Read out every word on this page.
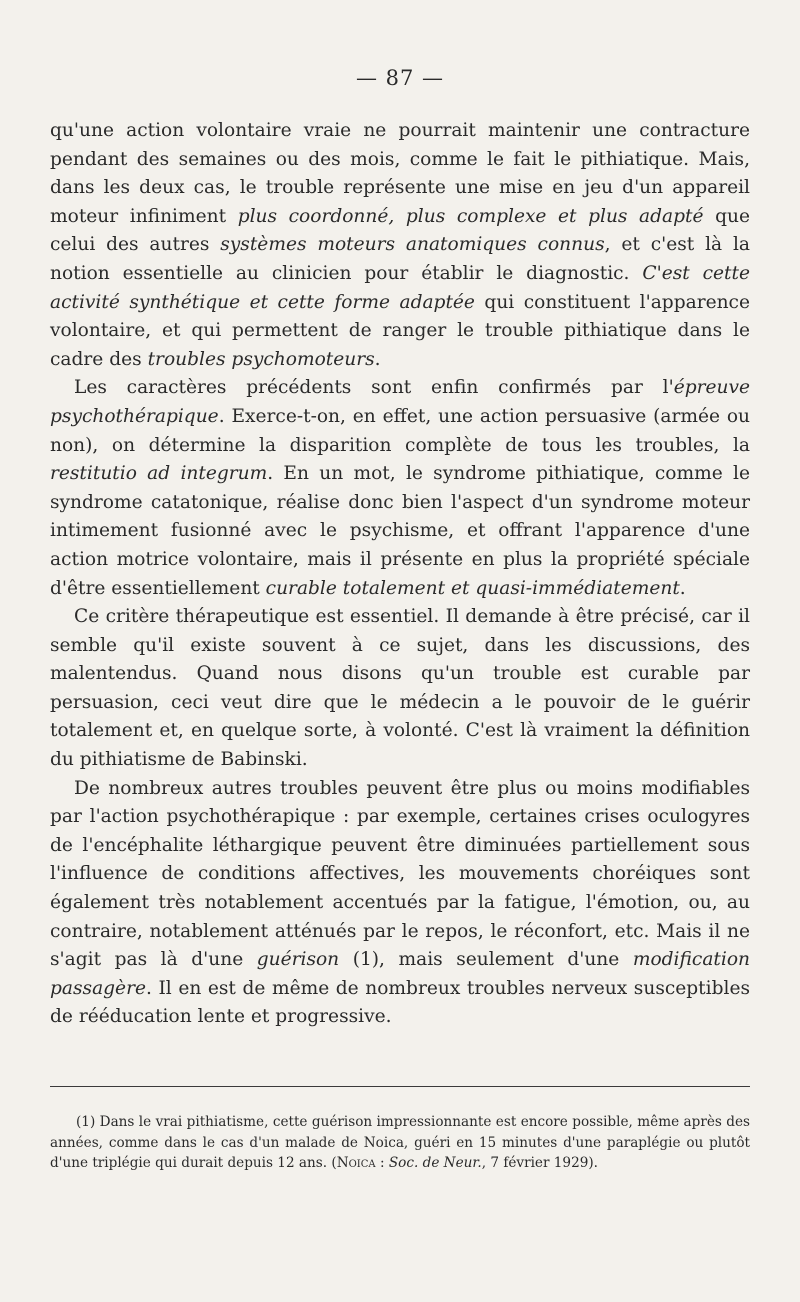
— 87 —

qu'une action volontaire vraie ne pourrait maintenir une contracture pendant des semaines ou des mois, comme le fait le pithiatique. Mais, dans les deux cas, le trouble représente une mise en jeu d'un appareil moteur infiniment plus coordonné, plus complexe et plus adapté que celui des autres systèmes moteurs anatomiques connus, et c'est là la notion essentielle au clinicien pour établir le diagnostic. C'est cette activité synthétique et cette forme adaptée qui constituent l'apparence volontaire, et qui permettent de ranger le trouble pithiatique dans le cadre des troubles psychomoteurs.

Les caractères précédents sont enfin confirmés par l'épreuve psychothérapique. Exerce-t-on, en effet, une action persuasive (armée ou non), on détermine la disparition complète de tous les troubles, la restitutio ad integrum. En un mot, le syndrome pithiatique, comme le syndrome catatonique, réalise donc bien l'aspect d'un syndrome moteur intimement fusionné avec le psychisme, et offrant l'apparence d'une action motrice volontaire, mais il présente en plus la propriété spéciale d'être essentiellement curable totalement et quasi-immédiatement.

Ce critère thérapeutique est essentiel. Il demande à être précisé, car il semble qu'il existe souvent à ce sujet, dans les discussions, des malentendus. Quand nous disons qu'un trouble est curable par persuasion, ceci veut dire que le médecin a le pouvoir de le guérir totalement et, en quelque sorte, à volonté. C'est là vraiment la définition du pithiatisme de Babinski.

De nombreux autres troubles peuvent être plus ou moins modifiables par l'action psychothérapique : par exemple, certaines crises oculogyres de l'encéphalite léthargique peuvent être diminuées partiellement sous l'influence de conditions affectives, les mouvements choréiques sont également très notablement accentués par la fatigue, l'émotion, ou, au contraire, notablement atténués par le repos, le réconfort, etc. Mais il ne s'agit pas là d'une guérison (1), mais seulement d'une modification passagère. Il en est de même de nombreux troubles nerveux susceptibles de rééducation lente et progressive.

(1) Dans le vrai pithiatisme, cette guérison impressionnante est encore possible, même après des années, comme dans le cas d'un malade de Noica, guéri en 15 minutes d'une paraplégie ou plutôt d'une triplégie qui durait depuis 12 ans. (Noica : Soc. de Neur., 7 février 1929).
